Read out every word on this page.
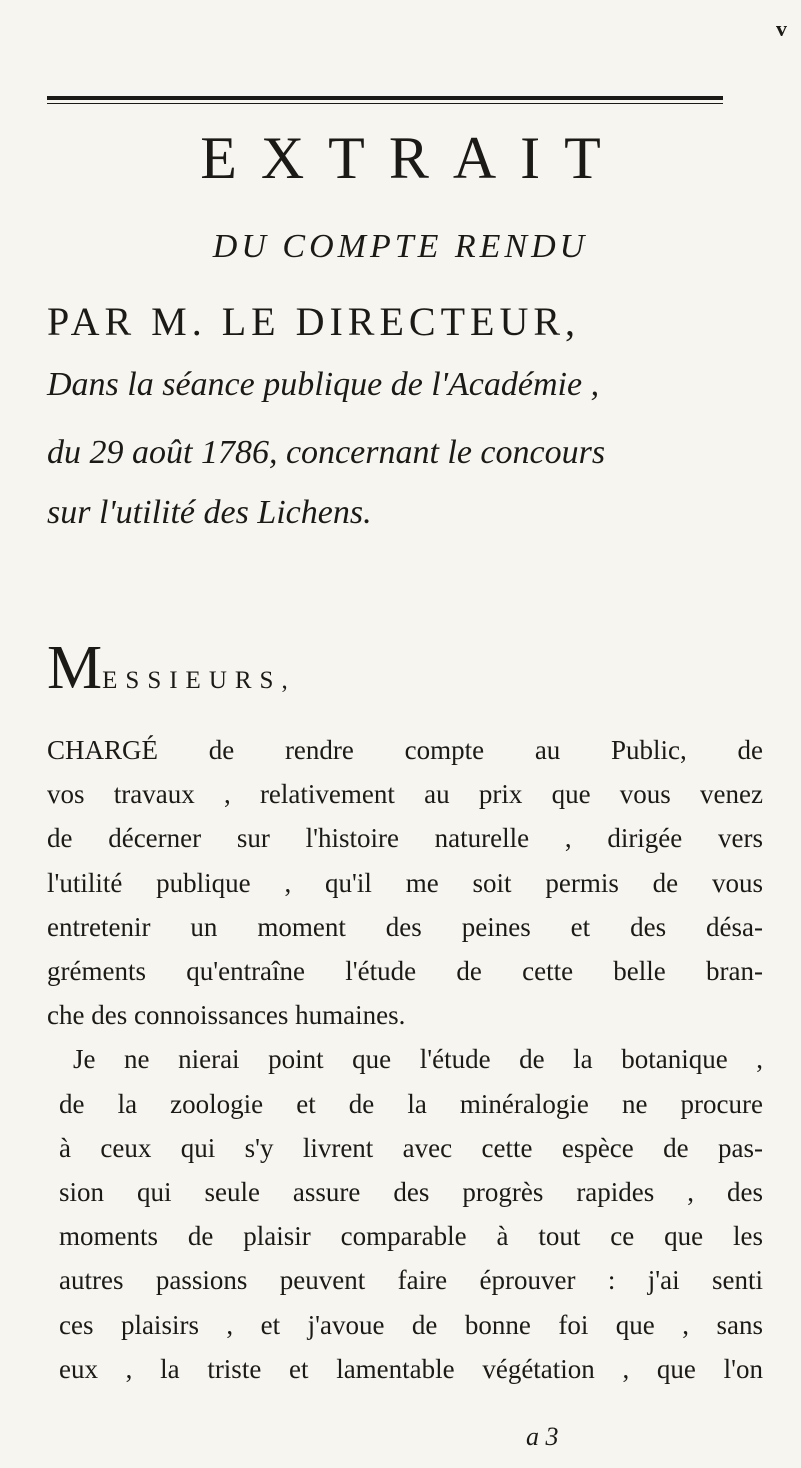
v
EXTRAIT
DU COMPTE RENDU
PAR M. LE DIRECTEUR,
Dans la séance publique de l'Académie ,
du 29 août 1786, concernant le concours
sur l'utilité des Lichens.
MESSIEURS,

CHARGÉ de rendre compte au Public, de
vos travaux , relativement au prix que vous venez
de décerner sur l'histoire naturelle , dirigée vers
l'utilité publique , qu'il me soit permis de vous
entretenir un moment des peines et des désa-
gréments qu'entraîne l'étude de cette belle bran-
che des connoissances humaines.

Je ne nierai point que l'étude de la botanique ,
de la zoologie et de la minéralogie ne procure
à ceux qui s'y livrent avec cette espèce de pas-
sion qui seule assure des progrès rapides , des
moments de plaisir comparable à tout ce que les
autres passions peuvent faire éprouver : j'ai senti
ces plaisirs , et j'avoue de bonne foi que , sans
eux , la triste et lamentable végétation , que l'on

a 3
